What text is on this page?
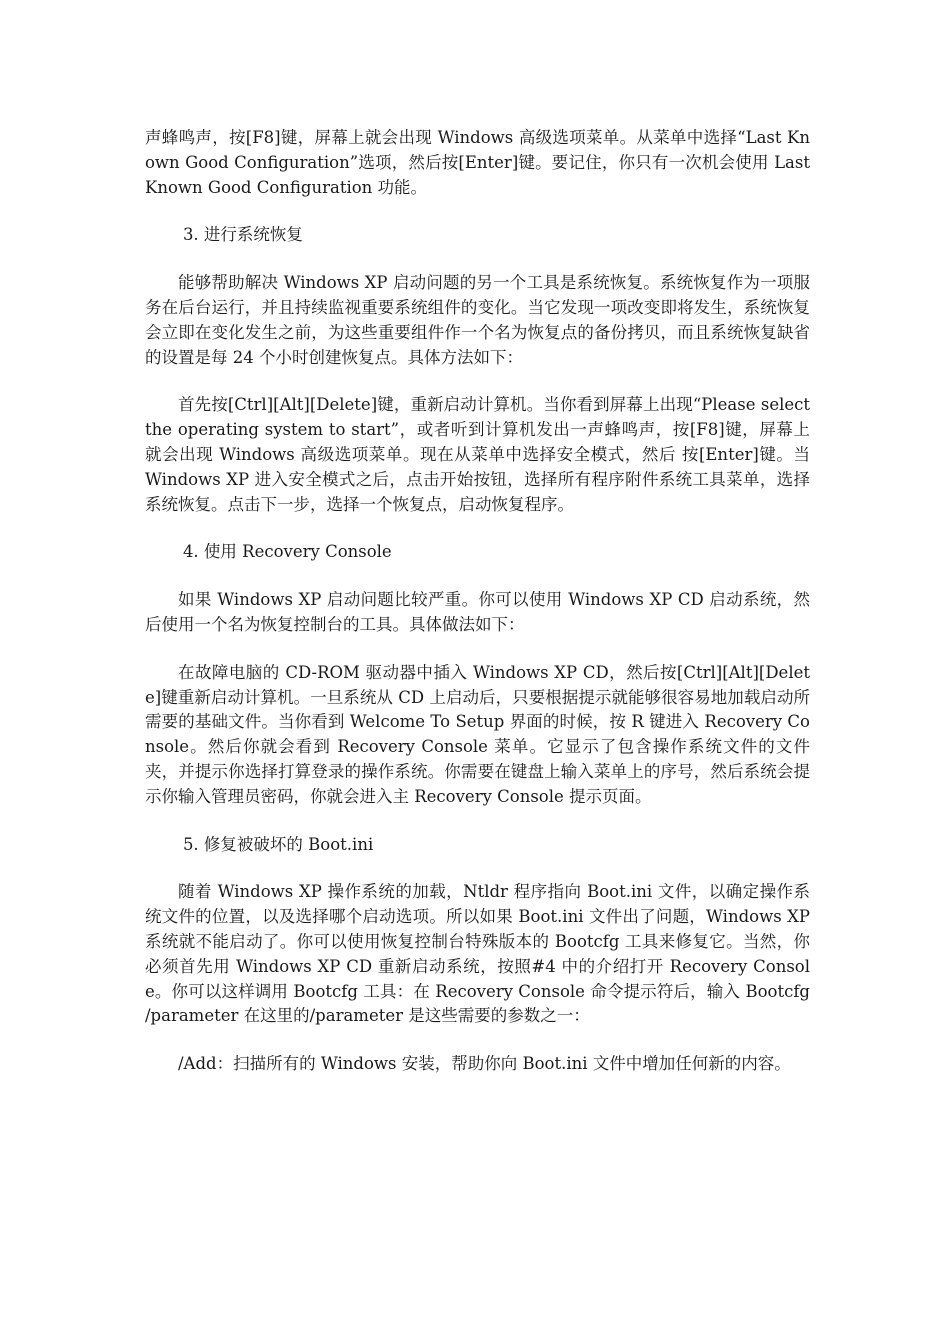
声蜂鸣声，按[F8]键，屏幕上就会出现 Windows 高级选项菜单。从菜单中选择“Last Known Good Configuration”选项，然后按[Enter]键。要记住，你只有一次机会使用 Last Known Good Configuration 功能。

3. 进行系统恢复

能够帮助解决 Windows XP 启动问题的另一个工具是系统恢复。系统恢复作为一项服务在后台运行，并且持续监视重要系统组件的变化。当它发现一项改变即将发生，系统恢复会立即在变化发生之前，为这些重要组件作一个名为恢复点的备份拷贝，而且系统恢复缺省的设置是每 24 个小时创建恢复点。具体方法如下：

首先按[Ctrl][Alt][Delete]键，重新启动计算机。当你看到屏幕上出现“Please select the operating system to start”，或者听到计算机发出一声蜂鸣声，按[F8]键，屏幕上就会出现 Windows 高级选项菜单。现在从菜单中选择安全模式，然后 按[Enter]键。当 Windows XP 进入安全模式之后，点击开始按钮，选择所有程序附件系统工具菜单，选择系统恢复。点击下一步，选择一个恢复点，启动恢复程序。

4. 使用 Recovery Console

如果 Windows XP 启动问题比较严重。你可以使用 Windows XP CD 启动系统，然后使用一个名为恢复控制台的工具。具体做法如下：

在故障电脑的 CD-ROM 驱动器中插入 Windows XP CD，然后按[Ctrl][Alt][Delete]键重新启动计算机。一旦系统从 CD 上启动后，只要根据提示就能够很容易地加载启动所需要的基础文件。当你看到 Welcome To Setup 界面的时候，按 R 键进入 Recovery Console。然后你就会看到 Recovery Console 菜单。它显示了包含操作系统文件的文件夹，并提示你选择打算登录的操作系统。你需要在键盘上输入菜单上的序号，然后系统会提示你输入管理员密码，你就会进入主 Recovery Console 提示页面。

5. 修复被破坏的 Boot.ini

随着 Windows XP 操作系统的加载，Ntldr 程序指向 Boot.ini 文件，以确定操作系统文件的位置，以及选择哪个启动选项。所以如果 Boot.ini 文件出了问题，Windows XP 系统就不能启动了。你可以使用恢复控制台特殊版本的 Bootcfg 工具来修复它。当然，你必须首先用 Windows XP CD 重新启动系统，按照#4 中的介绍打开 Recovery Console。你可以这样调用 Bootcfg 工具：在 Recovery Console 命令提示符后，输入 Bootcfg /parameter 在这里的/parameter 是这些需要的参数之一：

/Add：扫描所有的 Windows 安装，帮助你向 Boot.ini 文件中增加任何新的内容。
